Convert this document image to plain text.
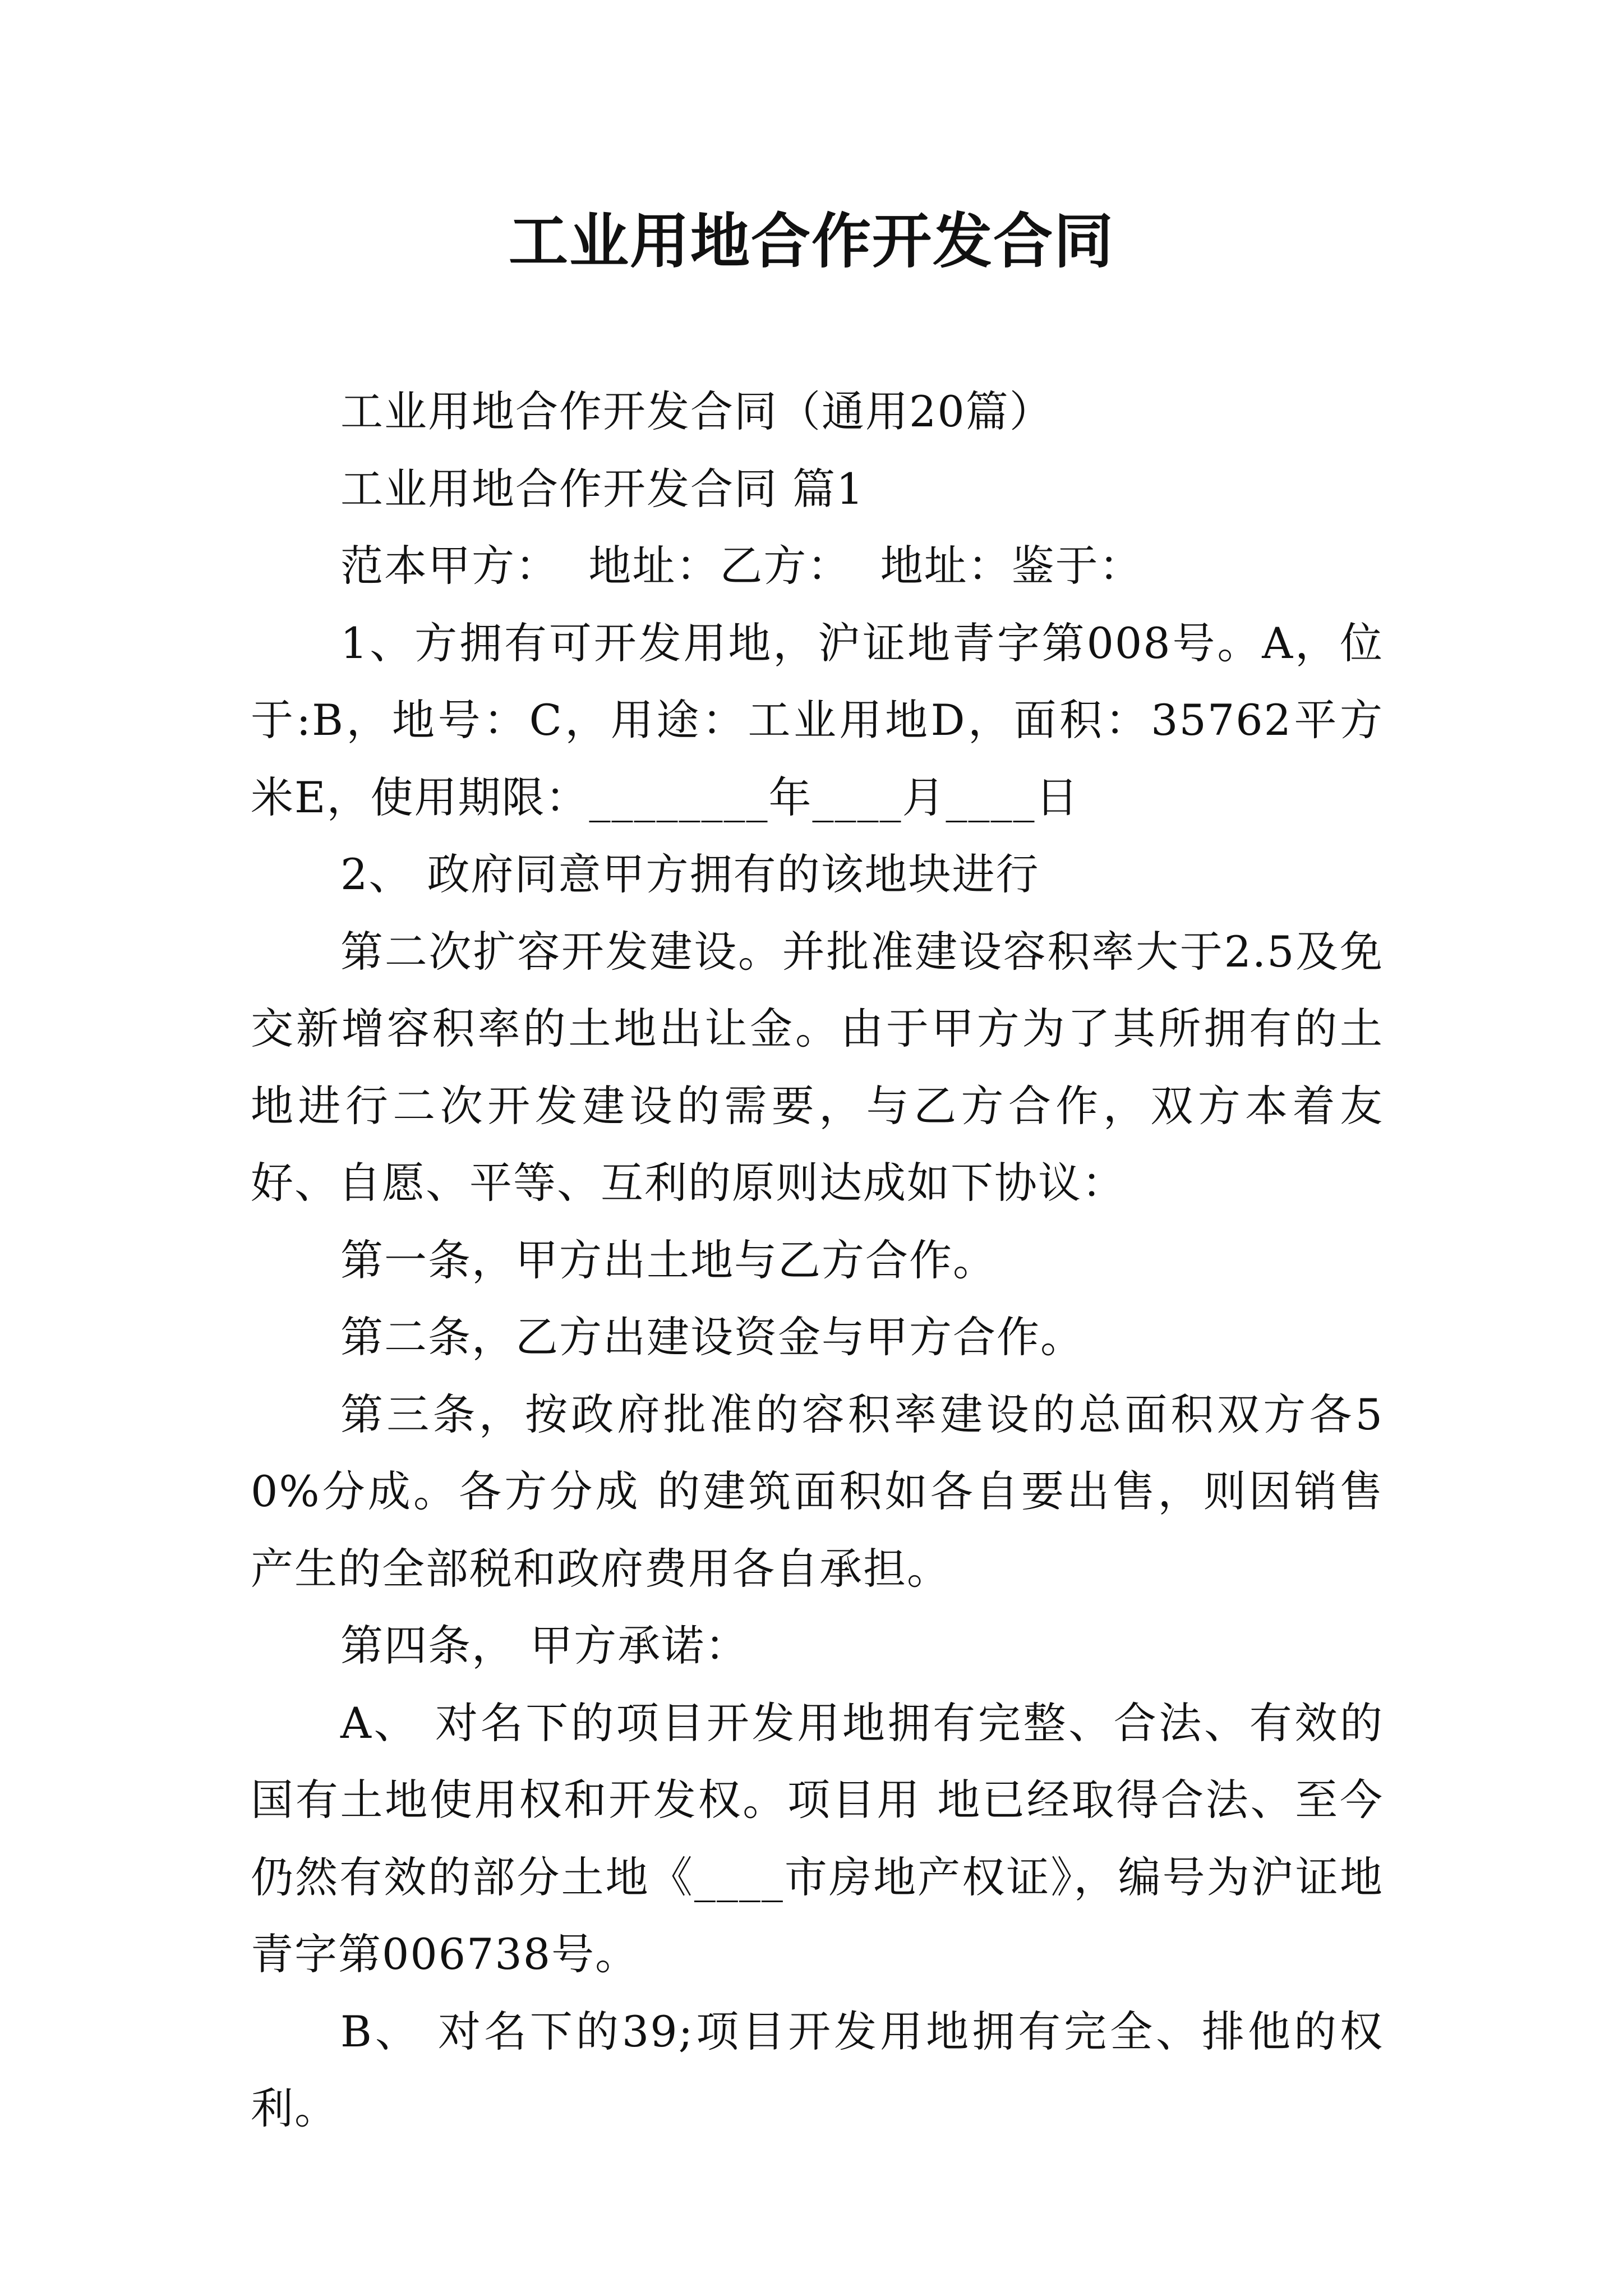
工业用地合作开发合同

工业用地合作开发合同（通用20篇）

工业用地合作开发合同 篇1

范本甲方：  地址：乙方：  地址：鉴于：

1、方拥有可开发用地，沪证地青字第008号。A，位于:B，地号：C，用途：工业用地D，面积：35762平方米E，使用期限：________年____月____日

2、 政府同意甲方拥有的该地块进行

第二次扩容开发建设。并批准建设容积率大于2.5及免交新增容积率的土地出让金。由于甲方为了其所拥有的土地进行二次开发建设的需要，与乙方合作，双方本着友好、自愿、平等、互利的原则达成如下协议：

第一条，甲方出土地与乙方合作。

第二条，乙方出建设资金与甲方合作。

第三条，按政府批准的容积率建设的总面积双方各50%分成。各方分成 的建筑面积如各自要出售，则因销售产生的全部税和政府费用各自承担。

第四条， 甲方承诺：

A、 对名下的项目开发用地拥有完整、合法、有效的国有土地使用权和开发权。项目用 地已经取得合法、至今仍然有效的部分土地《____市房地产权证》，编号为沪证地青字第006738号。

B、 对名下的39;项目开发用地拥有完全、排他的权利。
